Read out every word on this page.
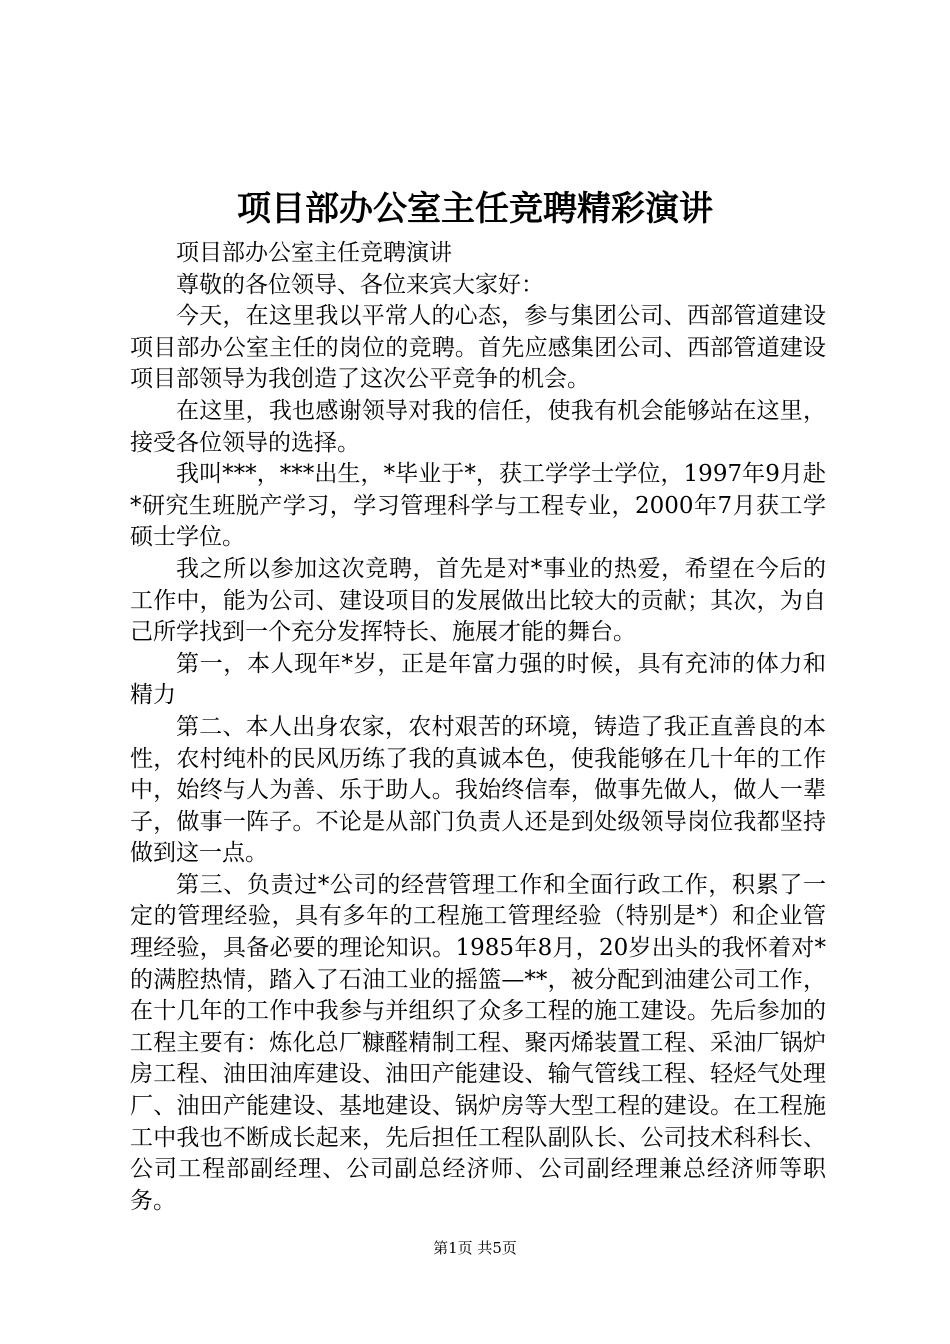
项目部办公室主任竞聘精彩演讲

项目部办公室主任竞聘演讲

尊敬的各位领导、各位来宾大家好：

今天，在这里我以平常人的心态，参与集团公司、西部管道建设项目部办公室主任的岗位的竞聘。首先应感集团公司、西部管道建设项目部领导为我创造了这次公平竞争的机会。

在这里，我也感谢领导对我的信任，使我有机会能够站在这里，接受各位领导的选择。

我叫***，***出生，*毕业于*，获工学学士学位，1997年9月赴*研究生班脱产学习，学习管理科学与工程专业，2000年7月获工学硕士学位。

我之所以参加这次竞聘，首先是对*事业的热爱，希望在今后的工作中，能为公司、建设项目的发展做出比较大的贡献；其次，为自己所学找到一个充分发挥特长、施展才能的舞台。

第一，本人现年*岁，正是年富力强的时候，具有充沛的体力和精力

第二、本人出身农家，农村艰苦的环境，铸造了我正直善良的本性，农村纯朴的民风历练了我的真诚本色，使我能够在几十年的工作中，始终与人为善、乐于助人。我始终信奉，做事先做人，做人一辈子，做事一阵子。不论是从部门负责人还是到处级领导岗位我都坚持做到这一点。

第三、负责过*公司的经营管理工作和全面行政工作，积累了一定的管理经验，具有多年的工程施工管理经验（特别是*）和企业管理经验，具备必要的理论知识。1985年8月，20岁出头的我怀着对*的满腔热情，踏入了石油工业的摇篮—**，被分配到油建公司工作，在十几年的工作中我参与并组织了众多工程的施工建设。先后参加的工程主要有：炼化总厂糠醛精制工程、聚丙烯装置工程、采油厂锅炉房工程、油田油库建设、油田产能建设、输气管线工程、轻烃气处理厂、油田产能建设、基地建设、锅炉房等大型工程的建设。在工程施工中我也不断成长起来，先后担任工程队副队长、公司技术科科长、公司工程部副经理、公司副总经济师、公司副经理兼总经济师等职务。

第1页 共5页
